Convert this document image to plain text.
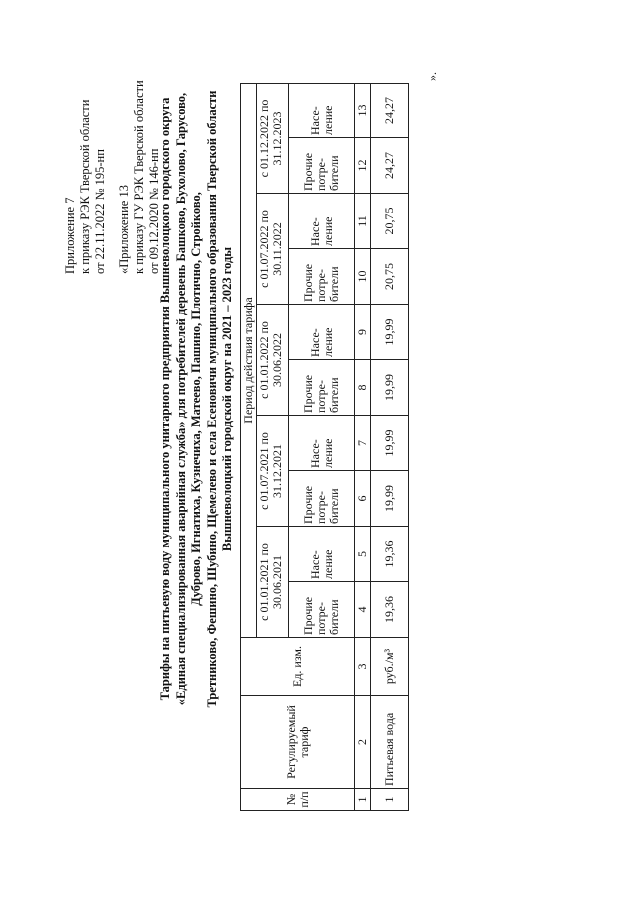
Приложение 7 к приказу РЭК Тверской области от 22.11.2022 № 195-нп «Приложение 13 к приказу ГУ РЭК Тверской области от 09.12.2020 № 146-нп
Тарифы на питьевую воду муниципального унитарного предприятия Вышневолоцкого городского округа «Единая специализированная аварийная служба» для потребителей деревень Башково, Бухолово, Гарусово, Дуброво, Игнатиха, Кузнечиха, Матеево, Пашино, Плотично, Стройково, Третниково, Фешино, Шубино, Щемелево и села Есеновичи муниципального образования Тверской области Вышневолоцкий городской округ на 2021 – 2023 годы
№ п/п	Регулируемый тариф	Ед. изм.	Период действия тарифа									
			с 01.01.2021 по 30.06.2021		с 01.07.2021 по 31.12.2021		с 01.01.2022 по 30.06.2022		с 01.07.2022 по 30.11.2022		с 01.12.2022 по 31.12.2023	
			Прочие потре- бители	Насе- ление	Прочие потре- бители	Насе- ление	Прочие потре- бители	Насе- ление	Прочие потре- бители	Насе- ление	Прочие потре- бители	Насе- ление
1	2	3	4	5	6	7	8	9	10	11	12	13
1	Питьевая вода	руб./м³	19,36	19,36	19,99	19,99	19,99	19,99	20,75	20,75	24,27	24,27
».
